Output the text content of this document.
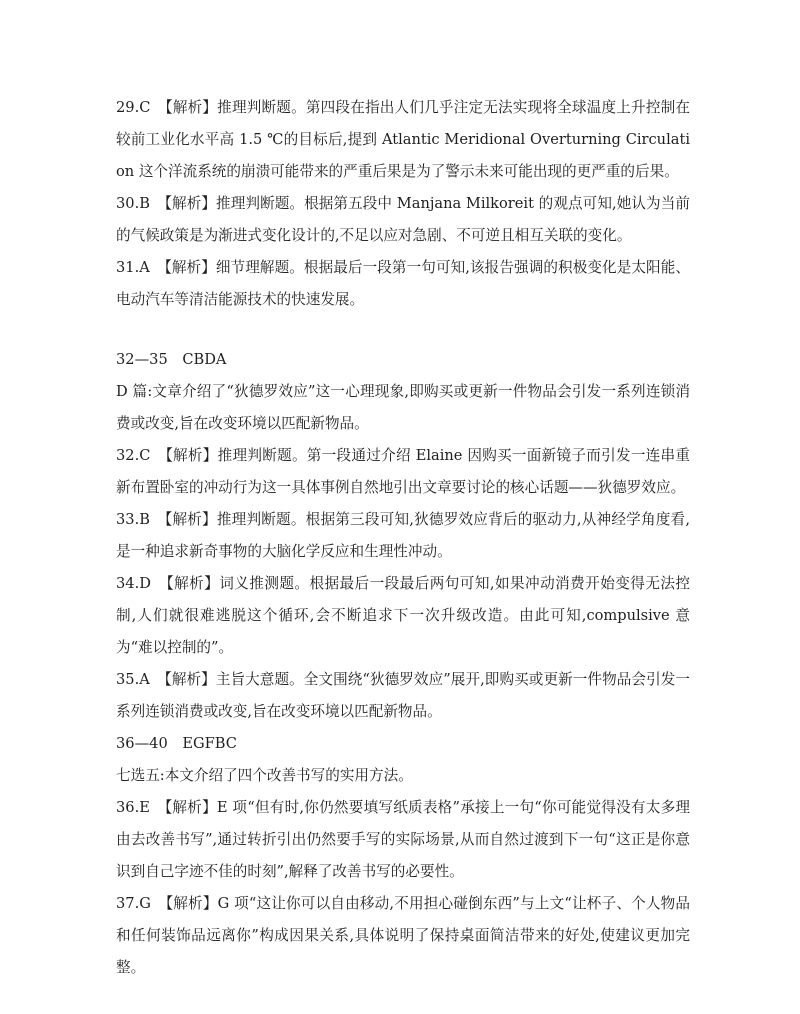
29.C　【解析】推理判断题。第四段在指出人们几乎注定无法实现将全球温度上升控制在较前工业化水平高 1.5 ℃的目标后,提到 Atlantic Meridional Overturning Circulation 这个洋流系统的崩溃可能带来的严重后果是为了警示未来可能出现的更严重的后果。

30.B　【解析】推理判断题。根据第五段中 Manjana Milkoreit 的观点可知,她认为当前的气候政策是为渐进式变化设计的,不足以应对急剧、不可逆且相互关联的变化。

31.A　【解析】细节理解题。根据最后一段第一句可知,该报告强调的积极变化是太阳能、电动汽车等清洁能源技术的快速发展。

32—35　CBDA

D 篇:文章介绍了“狄德罗效应”这一心理现象,即购买或更新一件物品会引发一系列连锁消费或改变,旨在改变环境以匹配新物品。

32.C　【解析】推理判断题。第一段通过介绍 Elaine 因购买一面新镜子而引发一连串重新布置卧室的冲动行为这一具体事例自然地引出文章要讨论的核心话题——狄德罗效应。

33.B　【解析】推理判断题。根据第三段可知,狄德罗效应背后的驱动力,从神经学角度看,是一种追求新奇事物的大脑化学反应和生理性冲动。

34.D　【解析】词义推测题。根据最后一段最后两句可知,如果冲动消费开始变得无法控制,人们就很难逃脱这个循环,会不断追求下一次升级改造。由此可知,compulsive 意为“难以控制的”。

35.A　【解析】主旨大意题。全文围绕“狄德罗效应”展开,即购买或更新一件物品会引发一系列连锁消费或改变,旨在改变环境以匹配新物品。

36—40　EGFBC

七选五:本文介绍了四个改善书写的实用方法。

36.E　【解析】E 项“但有时,你仍然要填写纸质表格”承接上一句“你可能觉得没有太多理由去改善书写”,通过转折引出仍然要手写的实际场景,从而自然过渡到下一句“这正是你意识到自己字迹不佳的时刻”,解释了改善书写的必要性。

37.G　【解析】G 项“这让你可以自由移动,不用担心碰倒东西”与上文“让杯子、个人物品和任何装饰品远离你”构成因果关系,具体说明了保持桌面简洁带来的好处,使建议更加完整。
